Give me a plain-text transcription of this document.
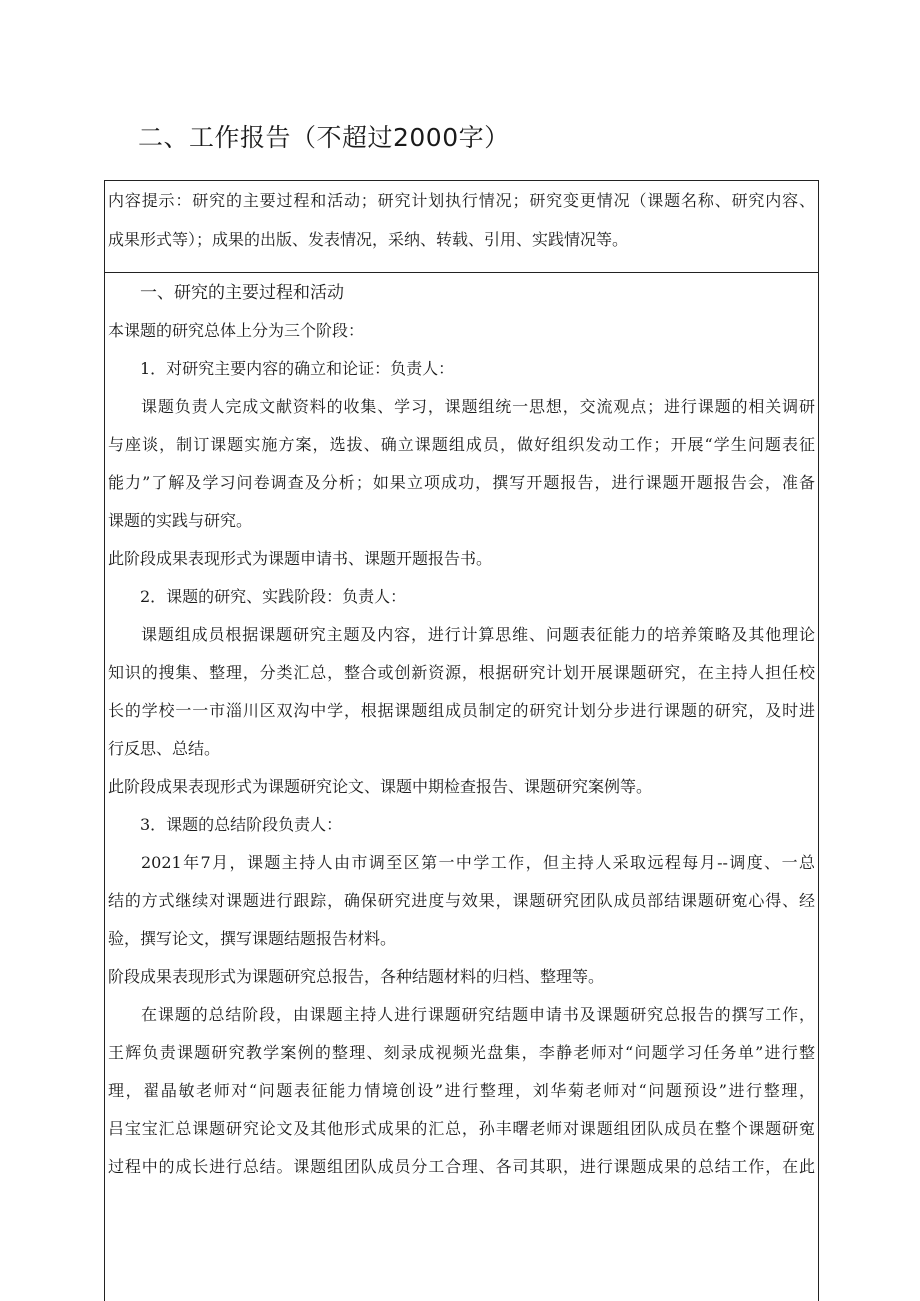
二、工作报告（不超过2000字）

内容提示：研究的主要过程和活动；研究计划执行情况；研究变更情况（课题名称、研究内容、

成果形式等）；成果的出版、发表情况，采纳、转载、引用、实践情况等。

一、研究的主要过程和活动

本课题的研究总体上分为三个阶段：

1．对研究主要内容的确立和论证：负责人：

课题负责人完成文献资料的收集、学习，课题组统一思想，交流观点；进行课题的相关调研

与座谈，制订课题实施方案，选拔、确立课题组成员，做好组织发动工作；开展“学生问题表征

能力”了解及学习问卷调查及分析；如果立项成功，撰写开题报告，进行课题开题报告会，准备

课题的实践与研究。

此阶段成果表现形式为课题申请书、课题开题报告书。

2．课题的研究、实践阶段：负责人：

课题组成员根据课题研究主题及内容，进行计算思维、问题表征能力的培养策略及其他理论

知识的搜集、整理，分类汇总，整合或创新资源，根据研究计划开展课题研究，在主持人担任校

长的学校一一市淄川区双沟中学，根据课题组成员制定的研究计划分步进行课题的研究，及时进

行反思、总结。

此阶段成果表现形式为课题研究论文、课题中期检查报告、课题研究案例等。

3．课题的总结阶段负责人：

2021年7月，课题主持人由市调至区第一中学工作，但主持人采取远程每月--调度、一总

结的方式继续对课题进行跟踪，确保研究进度与效果，课题研究团队成员部结课题研寃心得、经

验，撰写论文，撰写课题结题报告材料。

阶段成果表现形式为课题研究总报告，各种结题材料的归档、整理等。

在课题的总结阶段，由课题主持人进行课题研究结题申请书及课题研究总报告的撰写工作，

王辉负责课题研究教学案例的整理、刻录成视频光盘集，李静老师对“问题学习任务单”进行整

理，翟晶敏老师对“问题表征能力情境创设”进行整理，刘华菊老师对“问题预设”进行整理，

吕宝宝汇总课题研究论文及其他形式成果的汇总，孙丰曙老师对课题组团队成员在整个课题研寃

过程中的成长进行总结。课题组团队成员分工合理、各司其职，进行课题成果的总结工作，在此
